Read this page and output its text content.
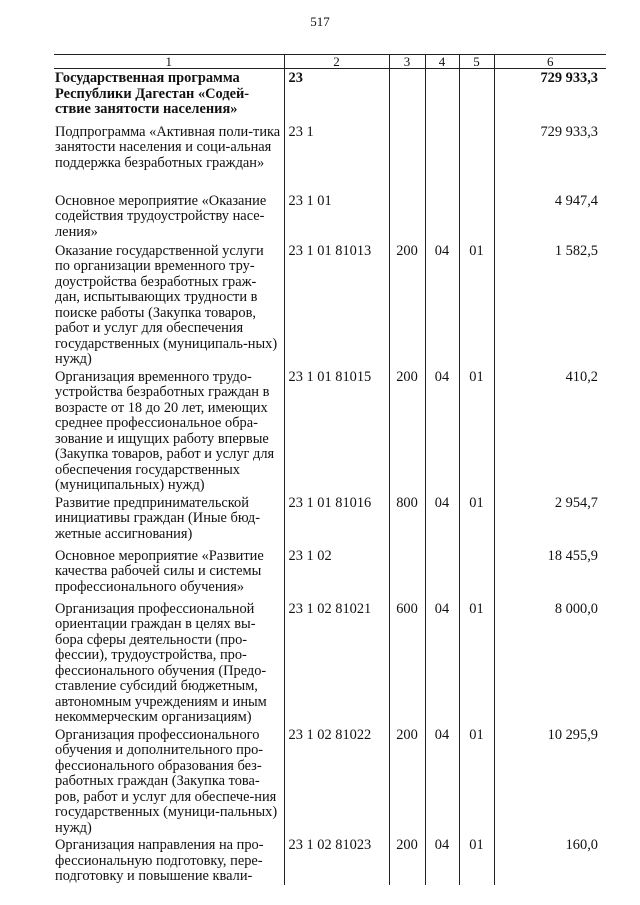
517
1	2	3	4	5	6
Государственная программа Республики Дагестан «Содей-ствие занятости населения»	23				729 933,3
Подпрограмма «Активная поли-тика занятости населения и соци-альная поддержка безработных граждан»	23 1				729 933,3
Основное мероприятие «Оказание содействия трудоустройству насе-ления»	23 1 01				4 947,4
Оказание государственной услуги по организации временного тру-доустройства безработных граж-дан, испытывающих трудности в поиске работы (Закупка товаров, работ и услуг для обеспечения государственных (муниципаль-ных) нужд)	23 1 01 81013	200	04	01	1 582,5
Организация временного трудо-устройства безработных граждан в возрасте от 18 до 20 лет, имеющих среднее профессиональное обра-зование и ищущих работу впервые (Закупка товаров, работ и услуг для обеспечения государственных (муниципальных) нужд)	23 1 01 81015	200	04	01	410,2
Развитие предпринимательской инициативы граждан (Иные бюд-жетные ассигнования)	23 1 01 81016	800	04	01	2 954,7
Основное мероприятие «Развитие качества рабочей силы и системы профессионального обучения»	23 1 02				18 455,9
Организация профессиональной ориентации граждан в целях вы-бора сферы деятельности (про-фессии), трудоустройства, про-фессионального обучения (Предо-ставление субсидий бюджетным, автономным учреждениям и иным некоммерческим организациям)	23 1 02 81021	600	04	01	8 000,0
Организация профессионального обучения и дополнительного про-фессионального образования без-работных граждан (Закупка това-ров, работ и услуг для обеспече-ния государственных (муници-пальных) нужд)	23 1 02 81022	200	04	01	10 295,9
Организация направления на про-фессиональную подготовку, пере-подготовку и повышение квали-	23 1 02 81023	200	04	01	160,0
